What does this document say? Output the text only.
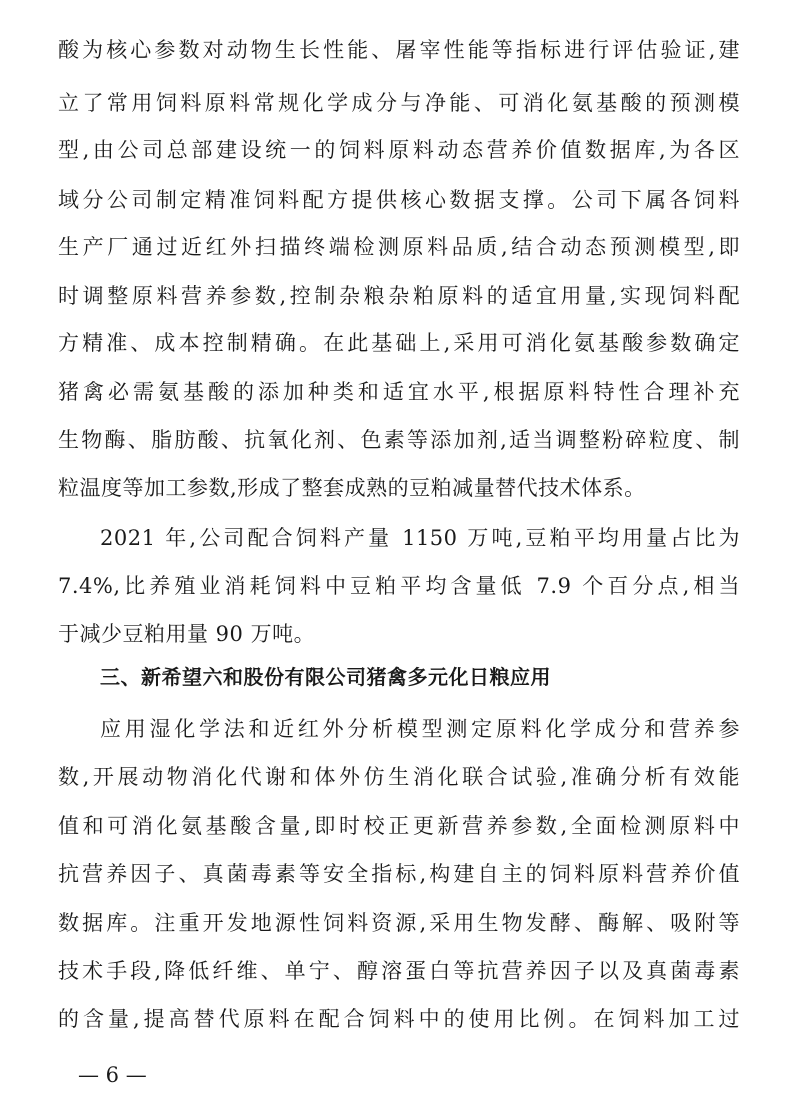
酸为核心参数对动物生长性能、屠宰性能等指标进行评估验证,建
立了常用饲料原料常规化学成分与净能、可消化氨基酸的预测模
型,由公司总部建设统一的饲料原料动态营养价值数据库,为各区
域分公司制定精准饲料配方提供核心数据支撑。公司下属各饲料
生产厂通过近红外扫描终端检测原料品质,结合动态预测模型,即
时调整原料营养参数,控制杂粮杂粕原料的适宜用量,实现饲料配
方精准、成本控制精确。在此基础上,采用可消化氨基酸参数确定
猪禽必需氨基酸的添加种类和适宜水平,根据原料特性合理补充
生物酶、脂肪酸、抗氧化剂、色素等添加剂,适当调整粉碎粒度、制
粒温度等加工参数,形成了整套成熟的豆粕减量替代技术体系。
2021 年,公司配合饲料产量 1150 万吨,豆粕平均用量占比为
7.4%,比养殖业消耗饲料中豆粕平均含量低 7.9 个百分点,相当
于减少豆粕用量 90 万吨。
三、新希望六和股份有限公司猪禽多元化日粮应用
应用湿化学法和近红外分析模型测定原料化学成分和营养参
数,开展动物消化代谢和体外仿生消化联合试验,准确分析有效能
值和可消化氨基酸含量,即时校正更新营养参数,全面检测原料中
抗营养因子、真菌毒素等安全指标,构建自主的饲料原料营养价值
数据库。注重开发地源性饲料资源,采用生物发酵、酶解、吸附等
技术手段,降低纤维、单宁、醇溶蛋白等抗营养因子以及真菌毒素
的含量,提高替代原料在配合饲料中的使用比例。在饲料加工过
— 6 —
